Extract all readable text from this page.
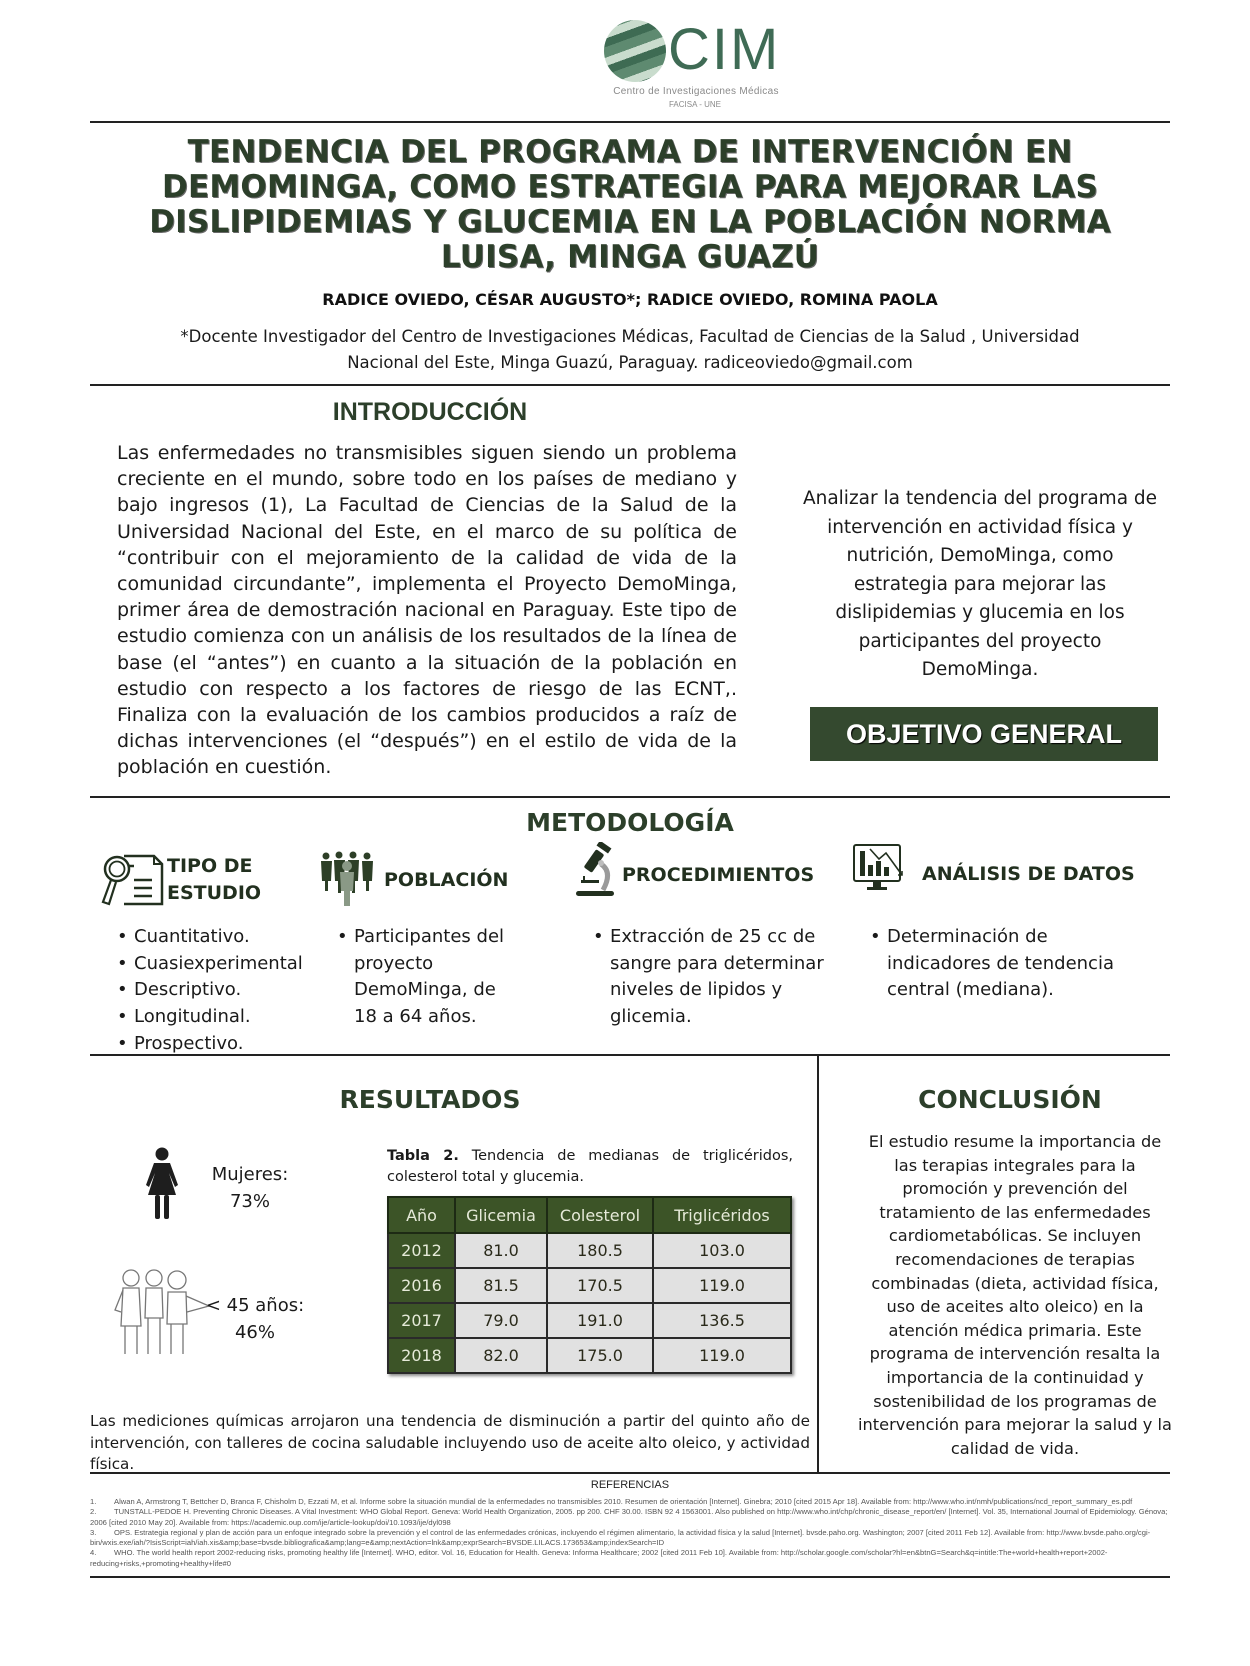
CIM
Centro de Investigaciones Médicas
FACISA - UNE
TENDENCIA DEL PROGRAMA DE INTERVENCIÓN EN
DEMOMINGA, COMO ESTRATEGIA PARA MEJORAR LAS
DISLIPIDEMIAS Y GLUCEMIA EN LA POBLACIÓN NORMA
LUISA, MINGA GUAZÚ
RADICE OVIEDO, CÉSAR AUGUSTO*; RADICE OVIEDO, ROMINA PAOLA
*Docente Investigador del Centro de Investigaciones Médicas, Facultad de Ciencias de la Salud , Universidad
Nacional del Este, Minga Guazú, Paraguay. radiceoviedo@gmail.com
INTRODUCCIÓN
Las enfermedades no transmisibles siguen siendo un problema creciente en el mundo, sobre todo en los países de mediano y bajo ingresos (1), La Facultad de Ciencias de la Salud de la Universidad Nacional del Este, en el marco de su política de “contribuir con el mejoramiento de la calidad de vida de la comunidad circundante”, implementa el Proyecto DemoMinga, primer área de demostración nacional en Paraguay. Este tipo de estudio comienza con un análisis de los resultados de la línea de base (el “antes”) en cuanto a la situación de la población en estudio con respecto a los factores de riesgo de las ECNT,. Finaliza con la evaluación de los cambios producidos a raíz de dichas intervenciones (el “después”) en el estilo de vida de la población en cuestión.
Analizar la tendencia del programa de intervención en actividad física y nutrición, DemoMinga, como estrategia para mejorar las dislipidemias y glucemia en los participantes del proyecto DemoMinga.
OBJETIVO GENERAL
METODOLOGÍA
TIPO DE
ESTUDIO
• Cuantitativo.
• Cuasiexperimental
• Descriptivo.
• Longitudinal.
• Prospectivo.
POBLACIÓN
• Participantes del proyecto DemoMinga, de 18 a 64 años.
PROCEDIMIENTOS
• Extracción de 25 cc de sangre para determinar niveles de lipidos y glicemia.
ANÁLISIS DE DATOS
• Determinación de indicadores de tendencia central (mediana).
RESULTADOS
Mujeres:
73%
< 45 años:
46%
Tabla 2. Tendencia de medianas de triglicéridos, colesterol total y glucemia.
Año	Glicemia	Colesterol	Triglicéridos
2012	81.0	180.5	103.0
2016	81.5	170.5	119.0
2017	79.0	191.0	136.5
2018	82.0	175.0	119.0
Las mediciones químicas arrojaron una tendencia de disminución a partir del quinto año de intervención, con talleres de cocina saludable incluyendo uso de aceite alto oleico, y actividad física.
CONCLUSIÓN
El estudio resume la importancia de las terapias integrales para la promoción y prevención del tratamiento de las enfermedades cardiometabólicas. Se incluyen recomendaciones de terapias combinadas (dieta, actividad física, uso de aceites alto oleico) en la atención médica primaria. Este programa de intervención resalta la importancia de la continuidad y sostenibilidad de los programas de intervención para mejorar la salud y la calidad de vida.
REFERENCIAS
1. Alwan A, Armstrong T, Bettcher D, Branca F, Chisholm D, Ezzati M, et al. Informe sobre la situación mundial de la enfermedades no transmisibles 2010. Resumen de orientación [Internet]. Ginebra; 2010 [cited 2015 Apr 18]. Available from: http://www.who.int/nmh/publications/ncd_report_summary_es.pdf
2. TUNSTALL-PEDOE H. Preventing Chronic Diseases. A Vital Investment: WHO Global Report. Geneva: World Health Organization, 2005. pp 200. CHF 30.00. ISBN 92 4 1563001. Also published on http://www.who.int/chp/chronic_disease_report/en/ [Internet]. Vol. 35, International Journal of Epidemiology. Génova; 2006 [cited 2010 May 20]. Available from: https://academic.oup.com/ije/article-lookup/doi/10.1093/ije/dyl098
3. OPS. Estrategia regional y plan de acción para un enfoque integrado sobre la prevención y el control de las enfermedades crónicas, incluyendo el régimen alimentario, la actividad física y la salud [Internet]. bvsde.paho.org. Washington; 2007 [cited 2011 Feb 12]. Available from: http://www.bvsde.paho.org/cgi-bin/wxis.exe/iah/?IsisScript=iah/iah.xis&amp;base=bvsde.bibliografica&amp;lang=e&amp;nextAction=lnk&amp;exprSearch=BVSDE.LILACS.173653&amp;indexSearch=ID
4. WHO. The world health report 2002-reducing risks, promoting healthy life [Internet]. WHO, editor. Vol. 16, Education for Health. Geneva: Informa Healthcare; 2002 [cited 2011 Feb 10]. Available from: http://scholar.google.com/scholar?hl=en&btnG=Search&q=intitle:The+world+health+report+2002-reducing+risks,+promoting+healthy+life#0
